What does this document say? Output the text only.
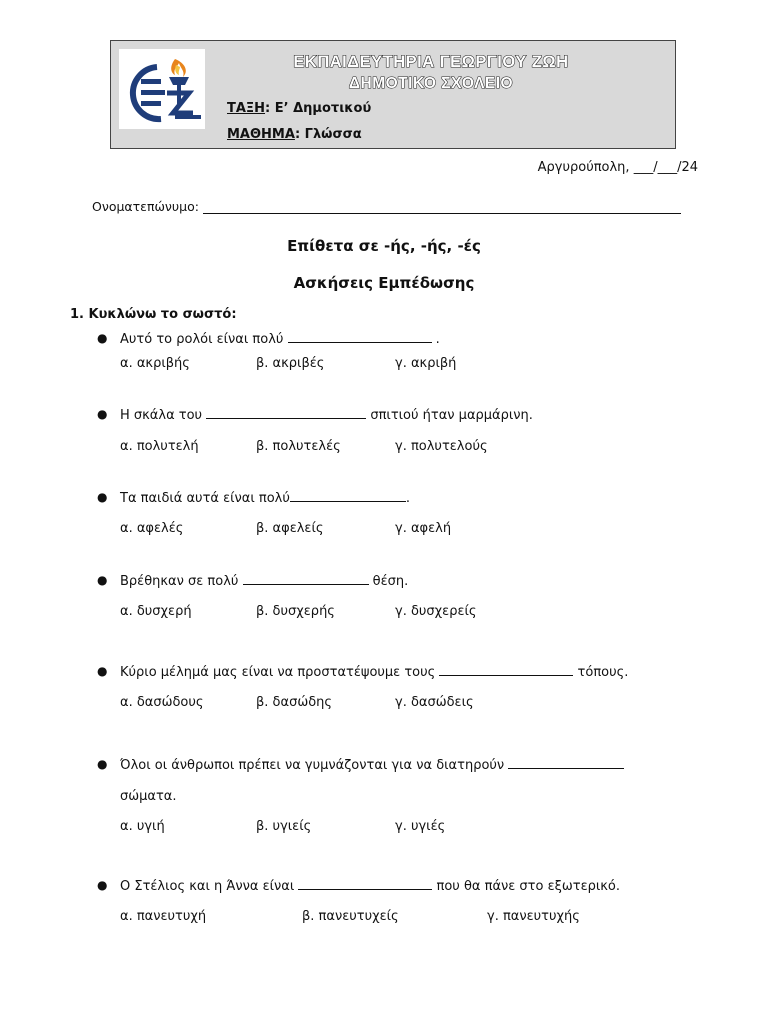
ΕΚΠΑΙΔΕΥΤΗΡΙΑ ΓΕΩΡΓΙΟΥ ΖΩΗ
ΔΗΜΟΤΙΚΟ ΣΧΟΛΕΙΟ
ΤΑΞΗ: Ε’ Δημοτικού
ΜΑΘΗΜΑ: Γλώσσα
Αργυρούπολη, ___/___/24
Ονοματεπώνυμο:
Επίθετα σε -ής, -ής, -ές
Ασκήσεις Εμπέδωσης
1. Κυκλώνω το σωστό:
● Αυτό το ρολόι είναι πολύ	.
α. ακριβής	β. ακριβές	γ. ακριβή
● Η σκάλα του	σπιτιού ήταν μαρμάρινη.
α. πολυτελή	β. πολυτελές	γ. πολυτελούς
● Τα παιδιά αυτά είναι πολύ	.
α. αφελές	β. αφελείς	γ. αφελή
● Βρέθηκαν σε πολύ	θέση.
α. δυσχερή	β. δυσχερής	γ. δυσχερείς
● Κύριο μέλημά μας είναι να προστατέψουμε τους	τόπους.
α. δασώδους	β. δασώδης	γ. δασώδεις
● Όλοι οι άνθρωποι πρέπει να γυμνάζονται για να διατηρούν
σώματα.
α. υγιή	β. υγιείς	γ. υγιές
● Ο Στέλιος και η Άννα είναι	που θα πάνε στο εξωτερικό.
α. πανευτυχή	β. πανευτυχείς	γ. πανευτυχής
